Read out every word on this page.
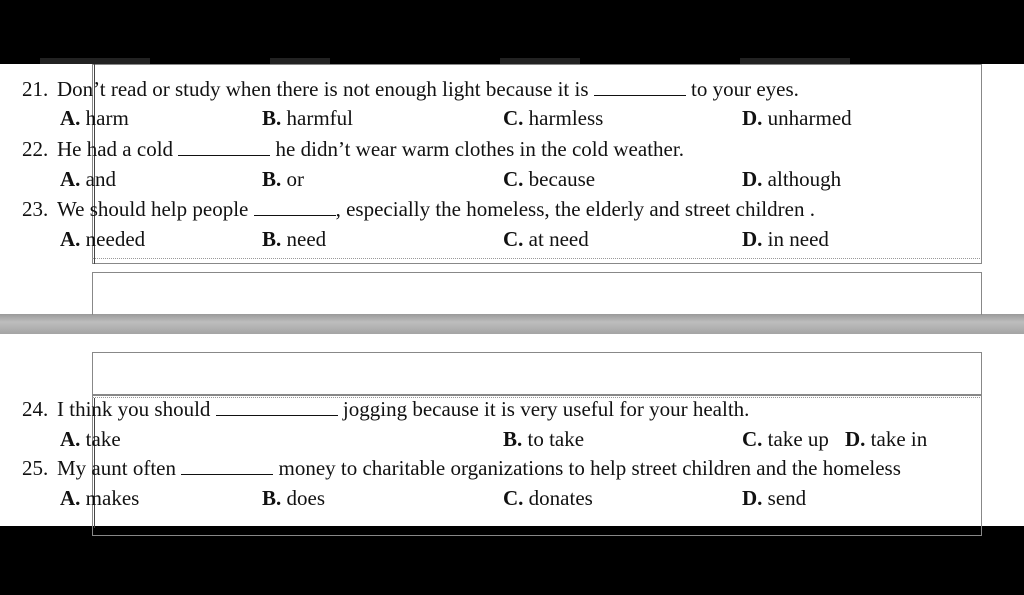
21. Don’t read or study when there is not enough light because it is	to your eyes.
A. harm	B. harmful	C. harmless	D. unharmed
22. He had a cold	he didn’t wear warm clothes in the cold weather.
A. and	B. or	C. because	D. although
23. We should help people	, especially the homeless, the elderly and street children .
A. needed	B. need	C. at need	D. in need
24. I think you should	jogging because it is very useful for your health.
A. take	B. to take	C. take up D. take in
25. My aunt often	money to charitable organizations to help street children and the homeless
A. makes	B. does	C. donates	D. send
